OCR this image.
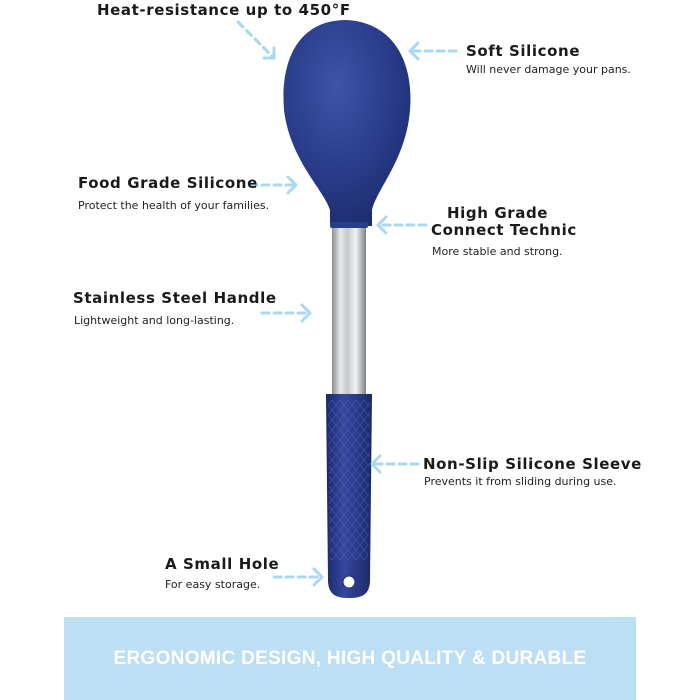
Heat-resistance up to 450°F
Soft Silicone
Will never damage your pans.
Food Grade Silicone
Protect the health of your families.	High Grade
Connect Technic
More stable and strong.
Stainless Steel Handle
Lightweight and long-lasting.
Non-Slip Silicone Sleeve
Prevents it from sliding during use.
A Small Hole
For easy storage.
ERGONOMIC DESIGN, HIGH QUALITY & DURABLE
